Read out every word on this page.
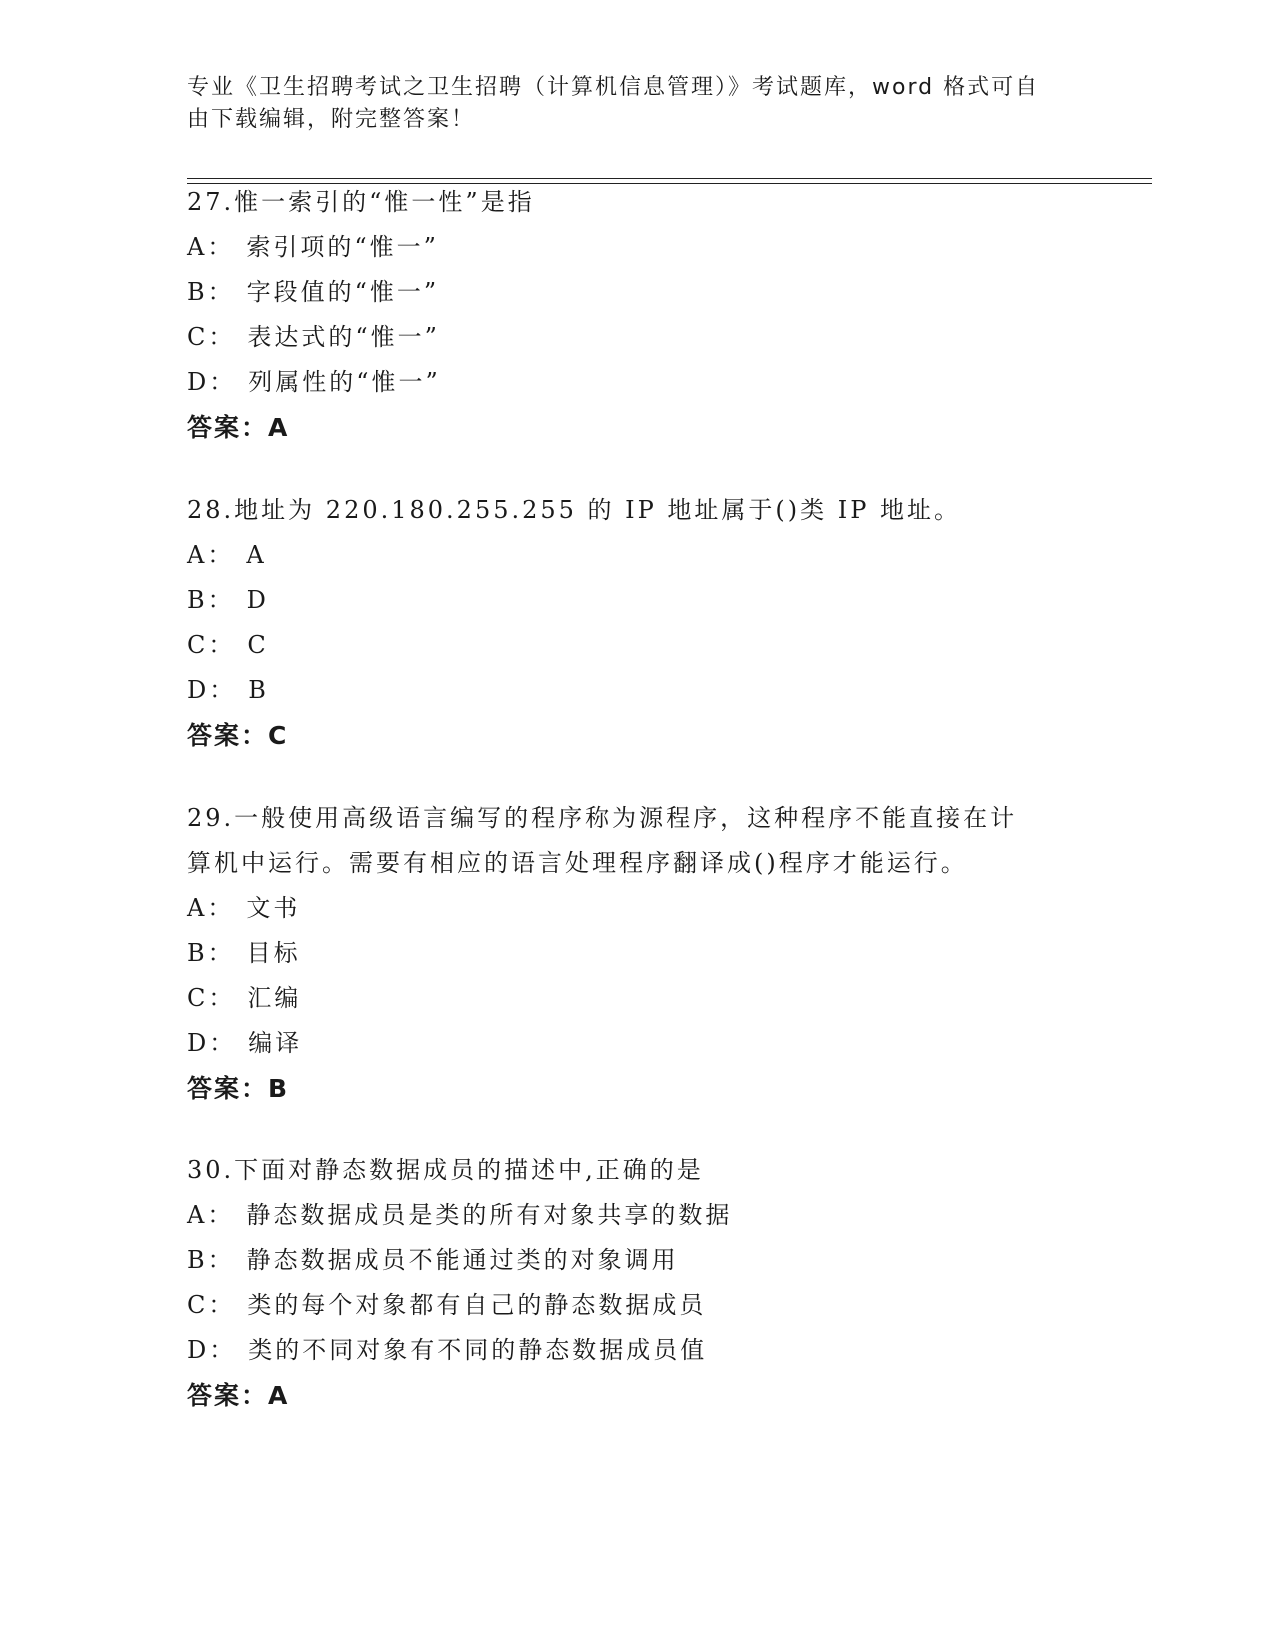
专业《卫生招聘考试之卫生招聘（计算机信息管理）》考试题库，word 格式可自
由下载编辑，附完整答案！

27.惟一索引的“惟一性”是指

A： 索引项的“惟一”

B： 字段值的“惟一”

C： 表达式的“惟一”

D： 列属性的“惟一”

答案：A

28.地址为 220.180.255.255 的 IP 地址属于()类 IP 地址。

A： A

B： D

C： C

D： B

答案：C

29.一般使用高级语言编写的程序称为源程序，这种程序不能直接在计

算机中运行。需要有相应的语言处理程序翻译成()程序才能运行。

A： 文书

B： 目标

C： 汇编

D： 编译

答案：B

30.下面对静态数据成员的描述中,正确的是

A： 静态数据成员是类的所有对象共享的数据

B： 静态数据成员不能通过类的对象调用

C： 类的每个对象都有自己的静态数据成员

D： 类的不同对象有不同的静态数据成员值

答案：A
